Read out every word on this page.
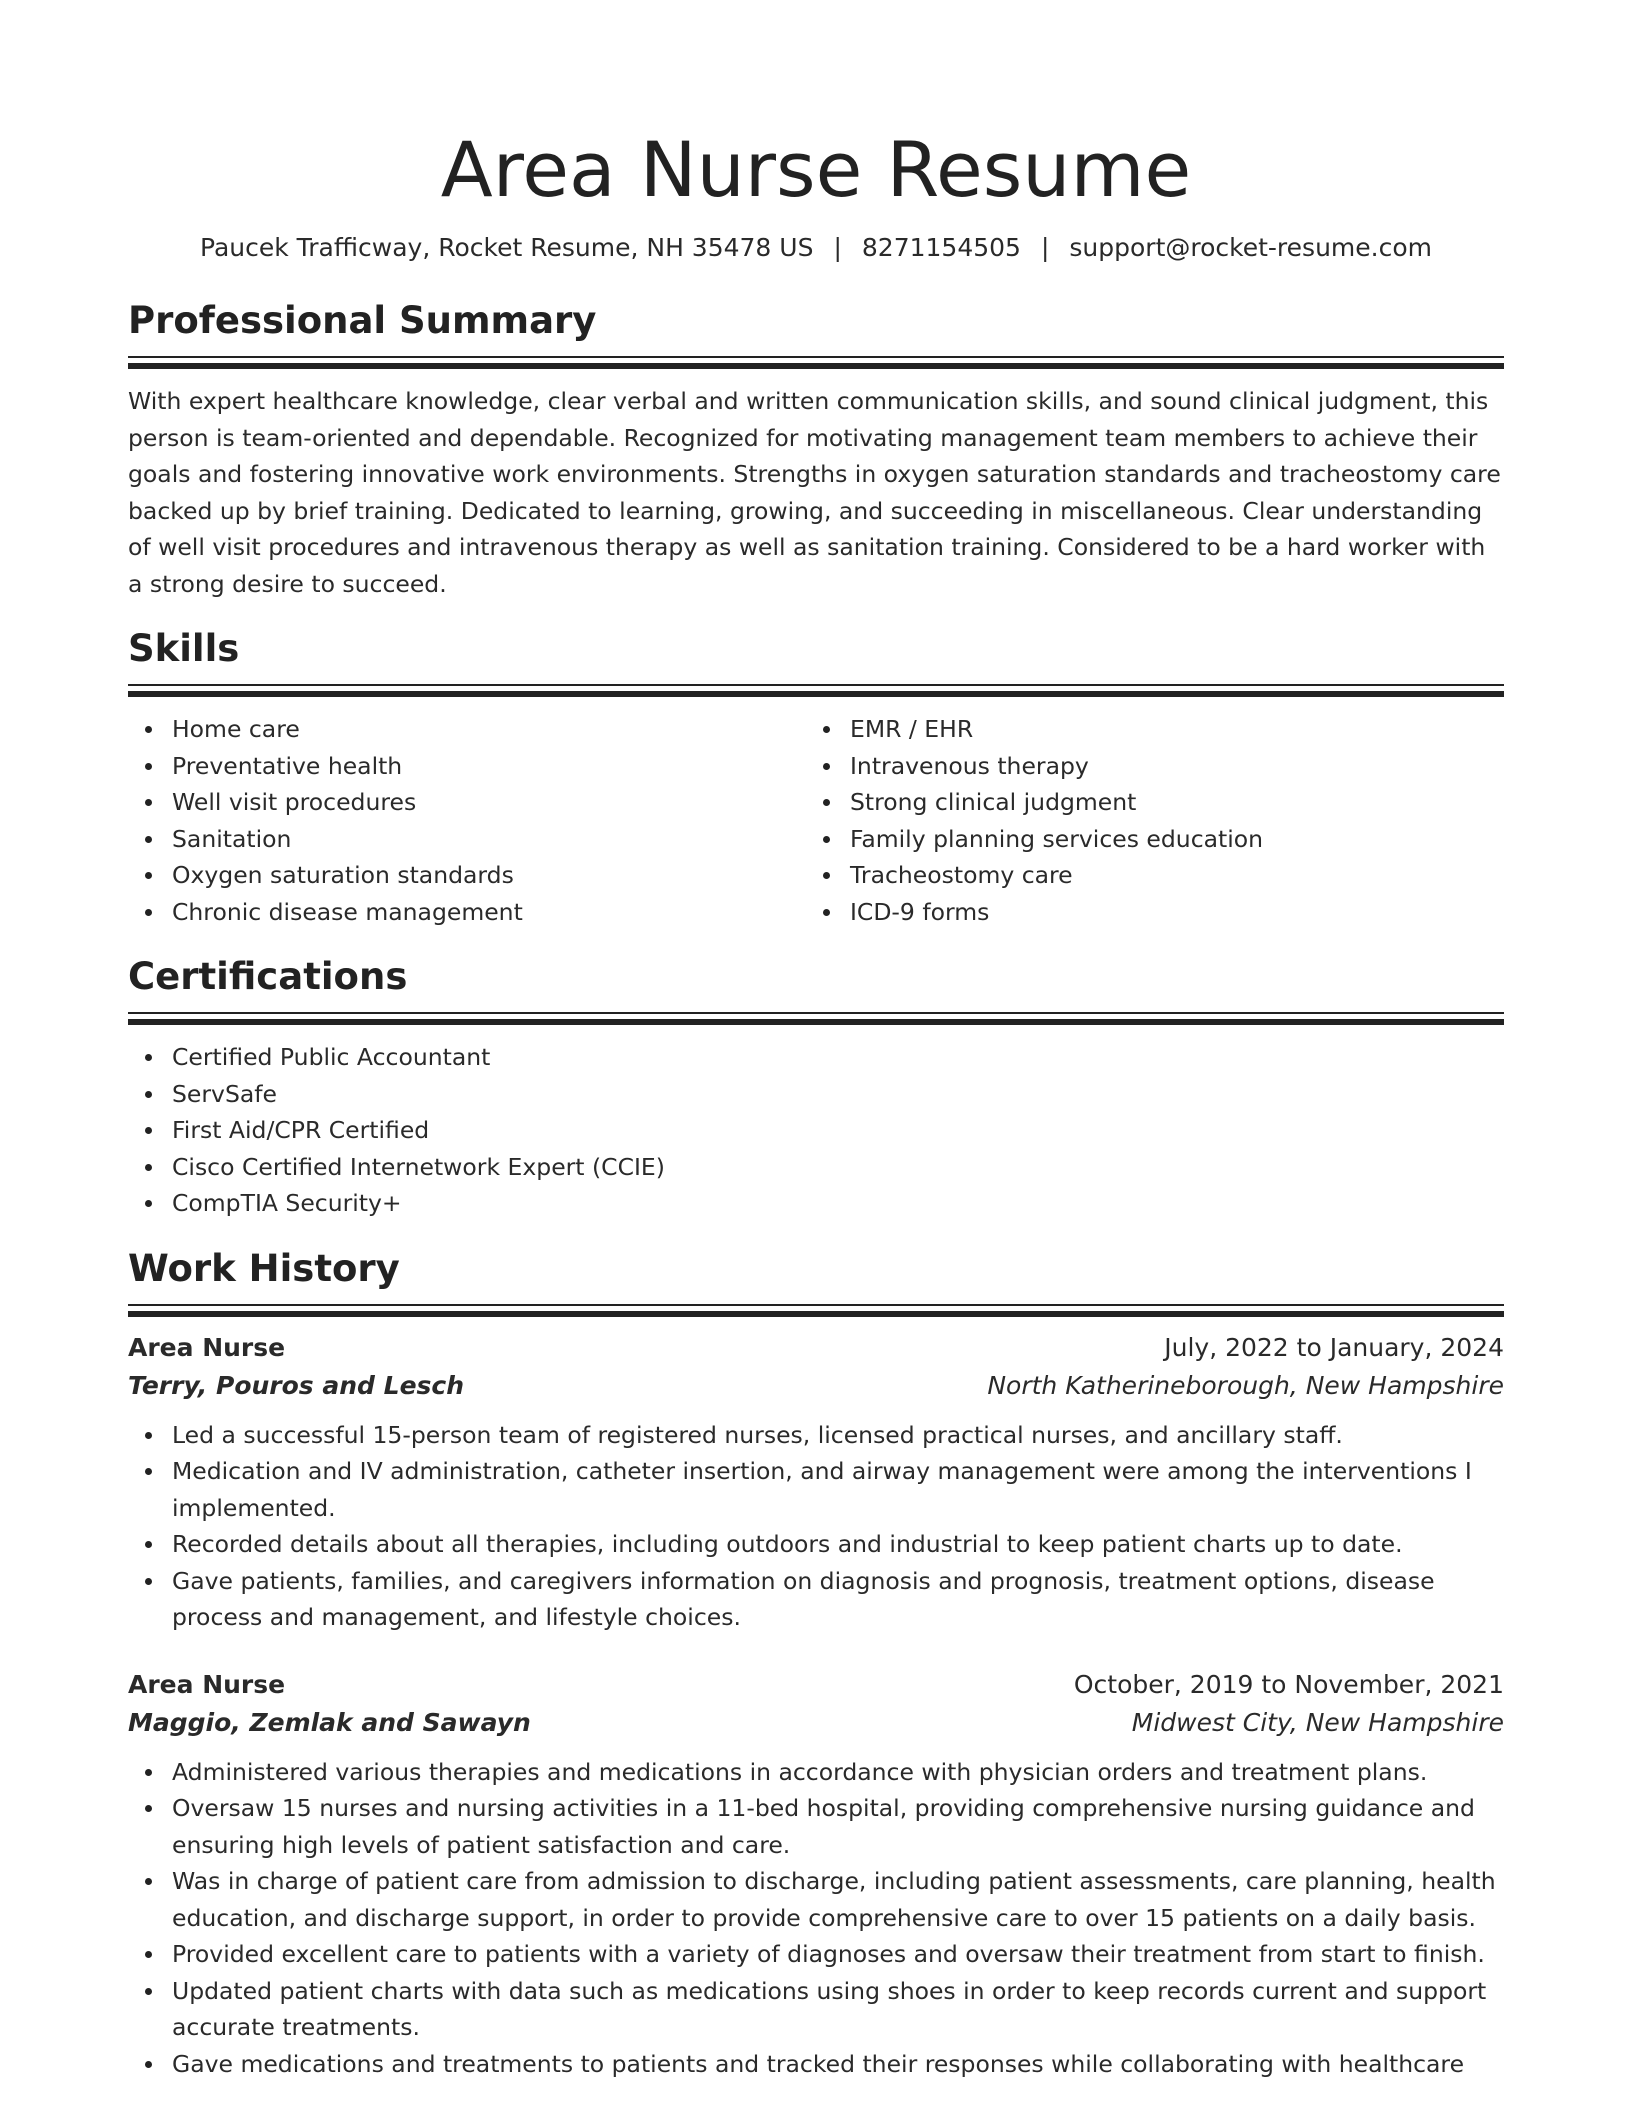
Area Nurse Resume
Paucek Trafficway, Rocket Resume, NH 35478 US | 8271154505 | support@rocket-resume.com
Professional Summary

With expert healthcare knowledge, clear verbal and written communication skills, and sound clinical judgment, this person is team-oriented and dependable. Recognized for motivating management team members to achieve their goals and fostering innovative work environments. Strengths in oxygen saturation standards and tracheostomy care backed up by brief training. Dedicated to learning, growing, and succeeding in miscellaneous. Clear understanding of well visit procedures and intravenous therapy as well as sanitation training. Considered to be a hard worker with a strong desire to succeed.

Skills
Home care
Preventative health
Well visit procedures
Sanitation
Oxygen saturation standards
Chronic disease management
EMR / EHR
Intravenous therapy
Strong clinical judgment
Family planning services education
Tracheostomy care
ICD-9 forms
Certifications
Certified Public Accountant
ServSafe
First Aid/CPR Certified
Cisco Certified Internetwork Expert (CCIE)
CompTIA Security+
Work History
Area Nurse	July, 2022 to January, 2024
Terry, Pouros and Lesch	North Katherineborough, New Hampshire
Led a successful 15-person team of registered nurses, licensed practical nurses, and ancillary staff.
Medication and IV administration, catheter insertion, and airway management were among the interventions I implemented.
Recorded details about all therapies, including outdoors and industrial to keep patient charts up to date.
Gave patients, families, and caregivers information on diagnosis and prognosis, treatment options, disease process and management, and lifestyle choices.
Area Nurse	October, 2019 to November, 2021
Maggio, Zemlak and Sawayn	Midwest City, New Hampshire
Administered various therapies and medications in accordance with physician orders and treatment plans.
Oversaw 15 nurses and nursing activities in a 11-bed hospital, providing comprehensive nursing guidance and ensuring high levels of patient satisfaction and care.
Was in charge of patient care from admission to discharge, including patient assessments, care planning, health education, and discharge support, in order to provide comprehensive care to over 15 patients on a daily basis.
Provided excellent care to patients with a variety of diagnoses and oversaw their treatment from start to finish.
Updated patient charts with data such as medications using shoes in order to keep records current and support accurate treatments.
Gave medications and treatments to patients and tracked their responses while collaborating with healthcare
